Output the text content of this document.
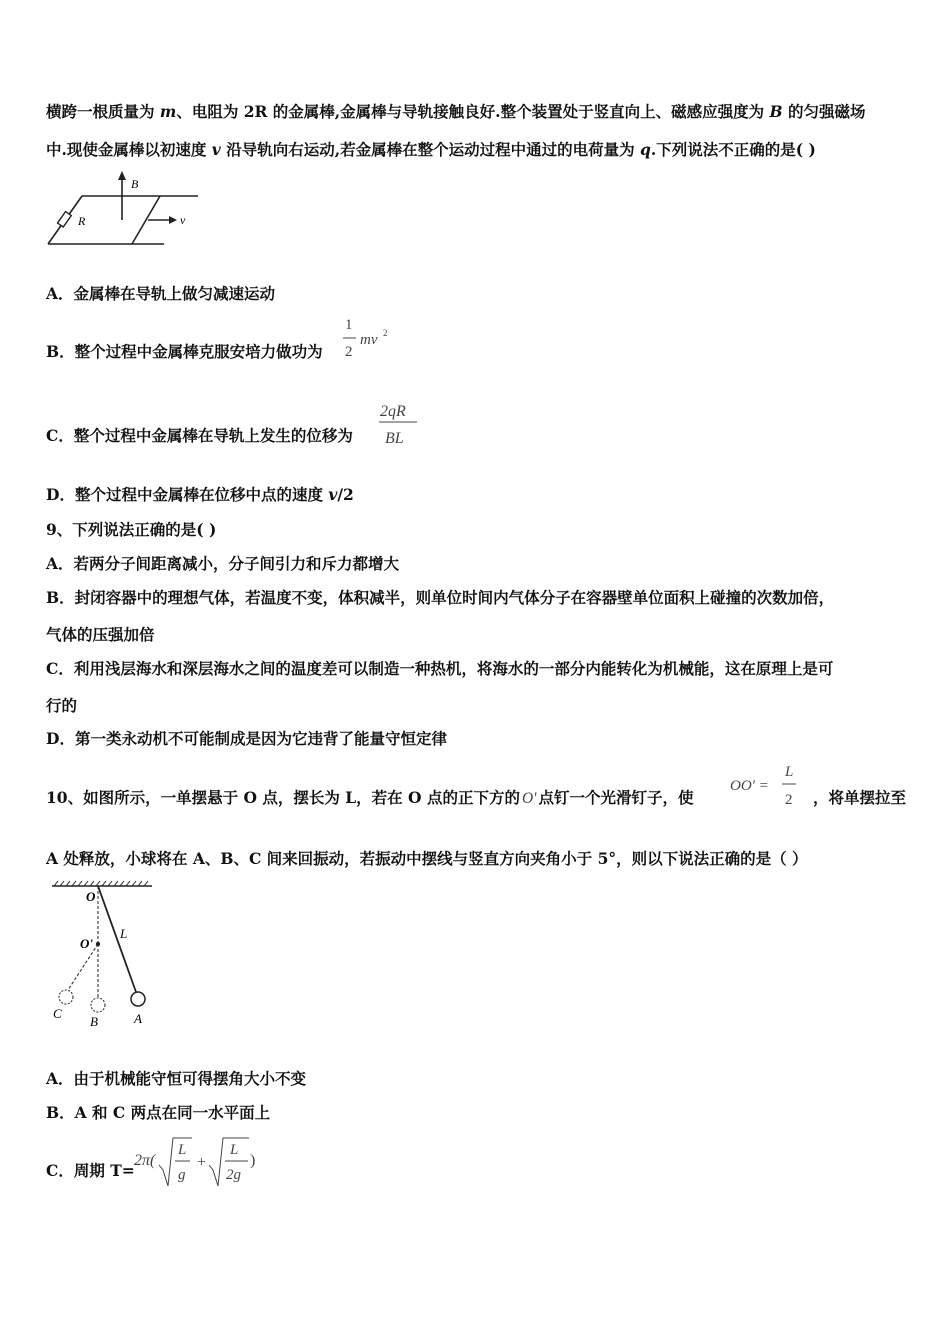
横跨一根质量为 m、电阻为 2R 的金属棒,金属棒与导轨接触良好.整个装置处于竖直向上、磁感应强度为 B 的匀强磁场
中.现使金属棒以初速度 v 沿导轨向右运动,若金属棒在整个运动过程中通过的电荷量为 q.下列说法不正确的是( )
B
R	v
A．金属棒在导轨上做匀减速运动
B．整个过程中金属棒克服安培力做功为
1
2
mv 2
C．整个过程中金属棒在导轨上发生的位移为
2qR
BL
D．整个过程中金属棒在位移中点的速度 v/2
9、下列说法正确的是( )
A．若两分子间距离减小，分子间引力和斥力都增大
B．封闭容器中的理想气体，若温度不变，体积减半，则单位时间内气体分子在容器壁单位面积上碰撞的次数加倍，
气体的压强加倍
C．利用浅层海水和深层海水之间的温度差可以制造一种热机，将海水的一部分内能转化为机械能，这在原理上是可
行的
D．第一类永动机不可能制成是因为它违背了能量守恒定律
10、如图所示，一单摆悬于 O 点，摆长为 L，若在 O 点的正下方的 O' 点钉一个光滑钉子，使
OO' =
L
2 ，将单摆拉至
A 处释放，小球将在 A、B、C 间来回振动，若振动中摆线与竖直方向夹角小于 5°，则以下说法正确的是（ ）
O
O'
L
A
B
C
A．由于机械能守恒可得摆角大小不变
B．A 和 C 两点在同一水平面上
C．周期 T=
2π(
L
g
+
L
2g
)
